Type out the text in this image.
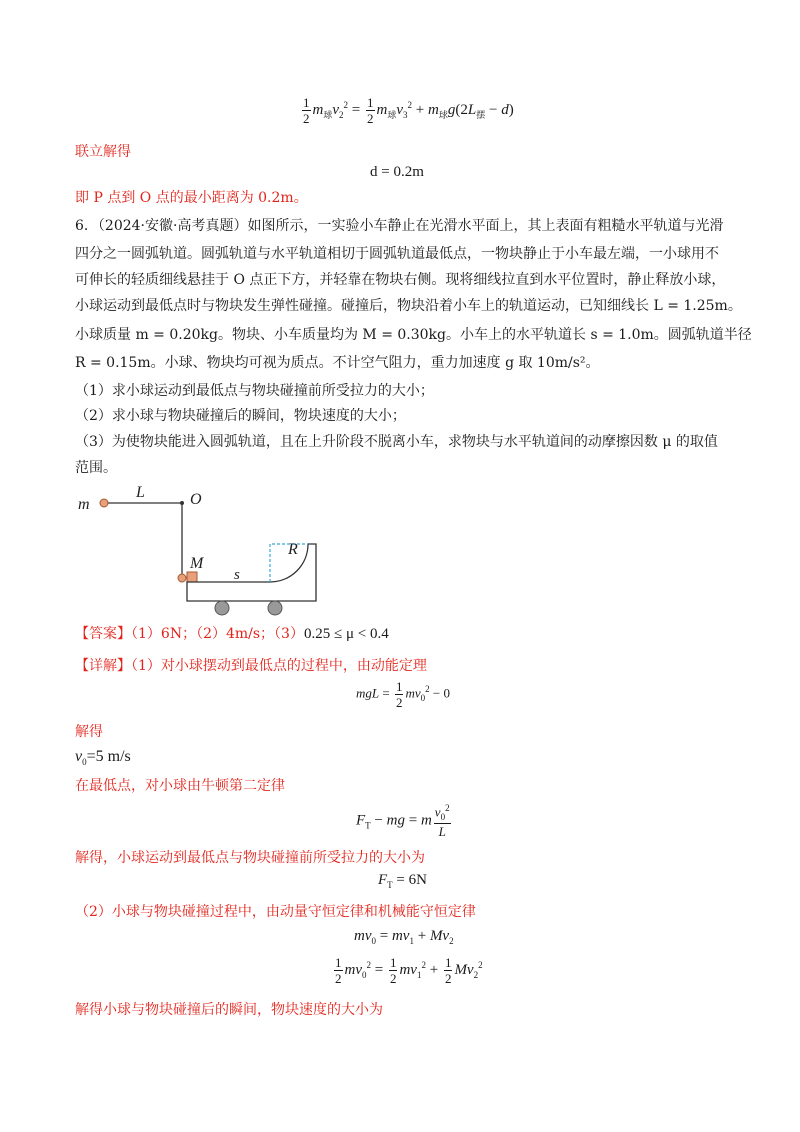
$\frac{1}{2} m_球v_2^2 = \frac{1}{2} m_球v_3^2 + m_球g(2L_摆 - d)$
联立解得
d = 0.2m
即 P 点到 O 点的最小距离为 0.2m。
6．（2024·安徽·高考真题）如图所示，一实验小车静止在光滑水平面上，其上表面有粗糙水平轨道与光滑
四分之一圆弧轨道。圆弧轨道与水平轨道相切于圆弧轨道最低点，一物块静止于小车最左端，一小球用不
可伸长的轻质细线悬挂于 O 点正下方，并轻靠在物块右侧。现将细线拉直到水平位置时，静止释放小球，
小球运动到最低点时与物块发生弹性碰撞。碰撞后，物块沿着小车上的轨道运动，已知细线长 L = 1.25m。
小球质量 m = 0.20kg。物块、小车质量均为 M = 0.30kg。小车上的水平轨道长 s = 1.0m。圆弧轨道半径
R = 0.15m。小球、物块均可视为质点。不计空气阻力，重力加速度 g 取 10m/s²。
（1）求小球运动到最低点与物块碰撞前所受拉力的大小；
（2）求小球与物块碰撞后的瞬间，物块速度的大小；
（3）为使物块能进入圆弧轨道，且在上升阶段不脱离小车，求物块与水平轨道间的动摩擦因数 μ 的取值
范围。
m
L	O
R
M
s
【答案】（1）6N；（2）4m/s；（3）0.25 ≤ μ < 0.4
【详解】（1）对小球摆动到最低点的过程中，由动能定理
mgL = $\frac{1}{2} mv_0^2 - 0$
解得
$v_0=5$ m/s
在最低点，对小球由牛顿第二定律
$F_T$ − mg = m $\frac{v_0^2}{L}$
解得，小球运动到最低点与物块碰撞前所受拉力的大小为
$F_T = 6N$
（2）小球与物块碰撞过程中，由动量守恒定律和机械能守恒定律
$mv_0 = mv_1 + Mv_2$
$\frac{1}{2} mv_0^2 = \frac{1}{2} mv_1^2 + \frac{1}{2} Mv_2^2$
解得小球与物块碰撞后的瞬间，物块速度的大小为
